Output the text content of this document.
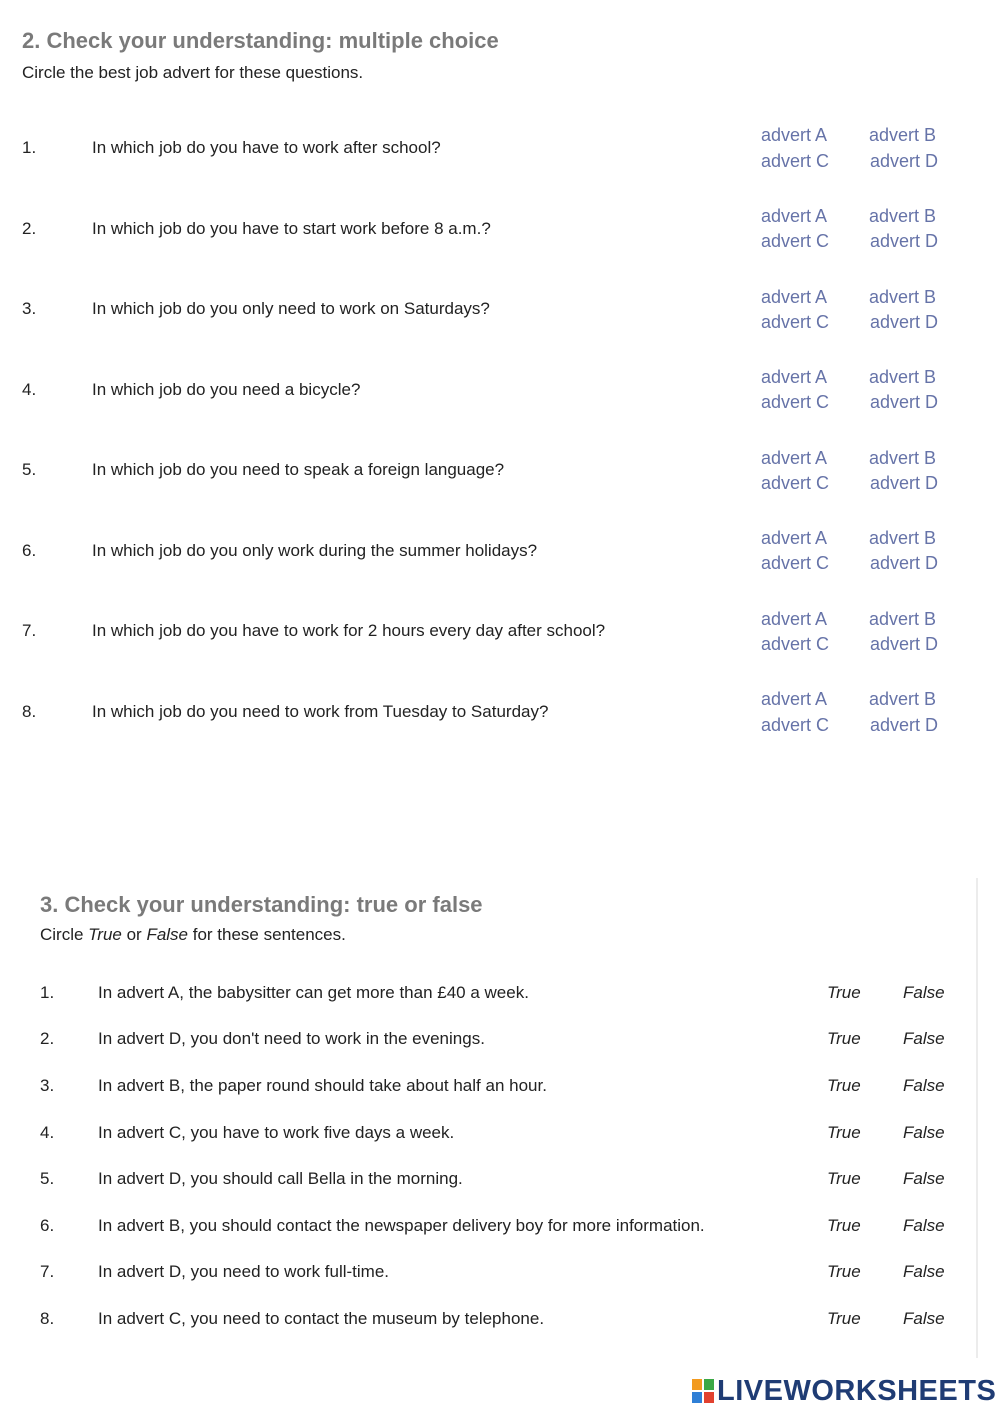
2. Check your understanding: multiple choice
Circle the best job advert for these questions.
1.	In which job do you have to work after school?
advert A advert B
advert C advert D
2.	In which job do you have to start work before 8 a.m.?
advert A advert B
advert C advert D
3.	In which job do you only need to work on Saturdays?
advert A advert B
advert C advert D
4.	In which job do you need a bicycle?
advert A advert B
advert C advert D
5.	In which job do you need to speak a foreign language?
advert A advert B
advert C advert D
6.	In which job do you only work during the summer holidays?
advert A advert B
advert C advert D
7.	In which job do you have to work for 2 hours every day after school?
advert A advert B
advert C advert D
8.	In which job do you need to work from Tuesday to Saturday?
advert A advert B
advert C advert D
3. Check your understanding: true or false
Circle True or False for these sentences.
1.	In advert A, the babysitter can get more than £40 a week.	True False
2.	In advert D, you don't need to work in the evenings.	True False
3.	In advert B, the paper round should take about half an hour.	True False
4.	In advert C, you have to work five days a week.	True False
5.	In advert D, you should call Bella in the morning.	True False
6.	In advert B, you should contact the newspaper delivery boy for more information.	True False
7.	In advert D, you need to work full-time.	True False
8.	In advert C, you need to contact the museum by telephone.	True False
LIVEWORKSHEETS
